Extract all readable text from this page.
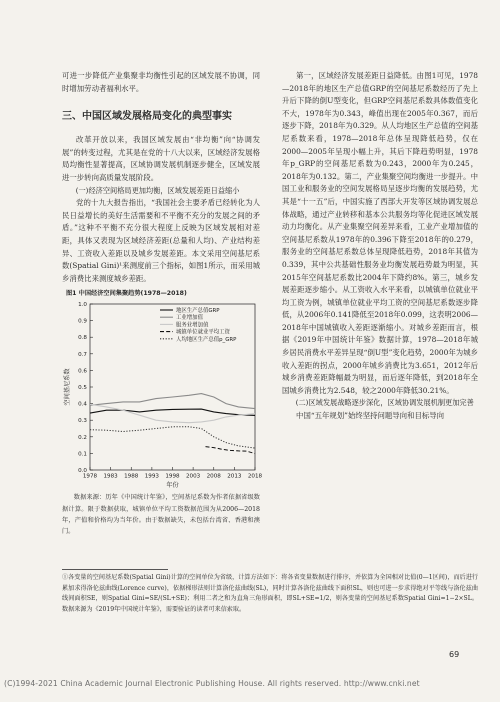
可进一步降低产业集聚非均衡性引起的区域发展不协调，同时增加劳动者福利水平。

三、中国区域发展格局变化的典型事实

改革开放以来，我国区域发展由“非均衡”向“协调发展”的转变过程，尤其是在党的十八大以来，区域经济发展格局均衡性显著提高，区域协调发展机制逐步健全，区域发展进一步转向高质量发展阶段。

(一)经济空间格局更加均衡，区域发展差距日益缩小

党的十九大报告指出，“我国社会主要矛盾已经转化为人民日益增长的美好生活需要和不平衡不充分的发展之间的矛盾。”这种不平衡不充分很大程度上反映为区域发展相对差距，具体又表现为区域经济差距(总量和人均)、产业结构差异、工资收入差距以及城乡发展差距。本文采用空间基尼系数(Spatial Gini)¹来测度前三个指标，如图1所示，而采用城乡消费比来测度城乡差距。

图1 中国经济空间集聚趋势(1978—2018)
0.0
0.1
0.2
0.3
0.4
0.5
0.6
0.7
0.8
0.9
1.0
1978 1983 1988 1993 1998 2003 2008 2013 2018
年份
空间基尼系数
地区生产总值GRP
工业增加值
服务业增加值
城镇单位就业平均工资
人均地区生产总值p_GRP

数据来源：历年《中国统计年鉴》，空间基尼系数为作者依据省级数据计算。限于数据获取，城镇单位平均工资数据范围为从2006—2018年，产值和价格均为当年价。由于数据缺失，未包括台湾省、香港和澳门。

第一，区域经济发展差距日益降低。由图1可见，1978—2018年的地区生产总值GRP的空间基尼系数经历了先上升后下降的倒U型变化，但GRP空间基尼系数具体数值变化不大，1978年为0.343，峰值出现在2005年0.367，而后逐步下降，2018年为0.329。从人均地区生产总值的空间基尼系数来看，1978—2018年总体呈现降低趋势，仅在2000—2005年呈现小幅上升，其后下降趋势明显，1978年p_GRP的空间基尼系数为0.243，2000年为0.245，2018年为0.132。第二，产业集聚空间均衡进一步提升。中国工业和服务业的空间发展格局呈逐步均衡的发展趋势，尤其是“十一五”后，中国实施了西部大开发等区域协调发展总体战略，通过产业转移和基本公共服务均等化促进区域发展动力均衡化。从产业集聚空间差异来看，工业产业增加值的空间基尼系数从1978年的0.396下降至2018年的0.279，服务业的空间基尼系数总体呈现降低趋势，2018年其值为0.339，其中公共基础性服务业均衡发展趋势最为明显，其2015年空间基尼系数比2004年下降约8%。第三，城乡发展差距逐步缩小。从工资收入水平来看，以城镇单位就业平均工资为例，城镇单位就业平均工资的空间基尼系数逐步降低，从2006年0.141降低至2018年0.099，这表明2006—2018年中国城镇收入差距逐渐缩小。对城乡差距而言，根据《2019年中国统计年鉴》数据计算，1978—2018年城乡居民消费水平差异呈现“倒U型”变化趋势，2000年为城乡收入差距的拐点，2000年城乡消费比为3.651，2012年后城乡消费差距降幅最为明显，而后逐年降低，到2018年全国城乡消费比为2.548，较之2000年降低30.21%。

(二)区域发展战略逐步深化，区域协调发展机制更加完善

中国“五年规划”始终坚持问题导向和目标导向

①各变量的空间基尼系数(Spatial Gini)计算的空间单位为省级，计算方法如下：将各省变量数据进行排序，并依算为全国相对比值(0—1区间)，而后进行累加求得洛伦兹曲线(Lorence curve)，依据梯形法则计算洛伦兹曲线(SL)，同时计算各洛伦兹曲线下面积SL，则也可进一步求得绝对平等线与洛伦兹曲线间面积SE，则Spatial Gini=SE/(SL+SE)；利用二者之和为直角三角形面积，即SL+SE=1/2，则各变量的空间基尼系数Spatial Gini=1−2×SL。数据来源为《2019年中国统计年鉴》，需要验证的读者可来信索取。

69
(C)1994-2021 China Academic Journal Electronic Publishing House. All rights reserved. http://www.cnki.net
